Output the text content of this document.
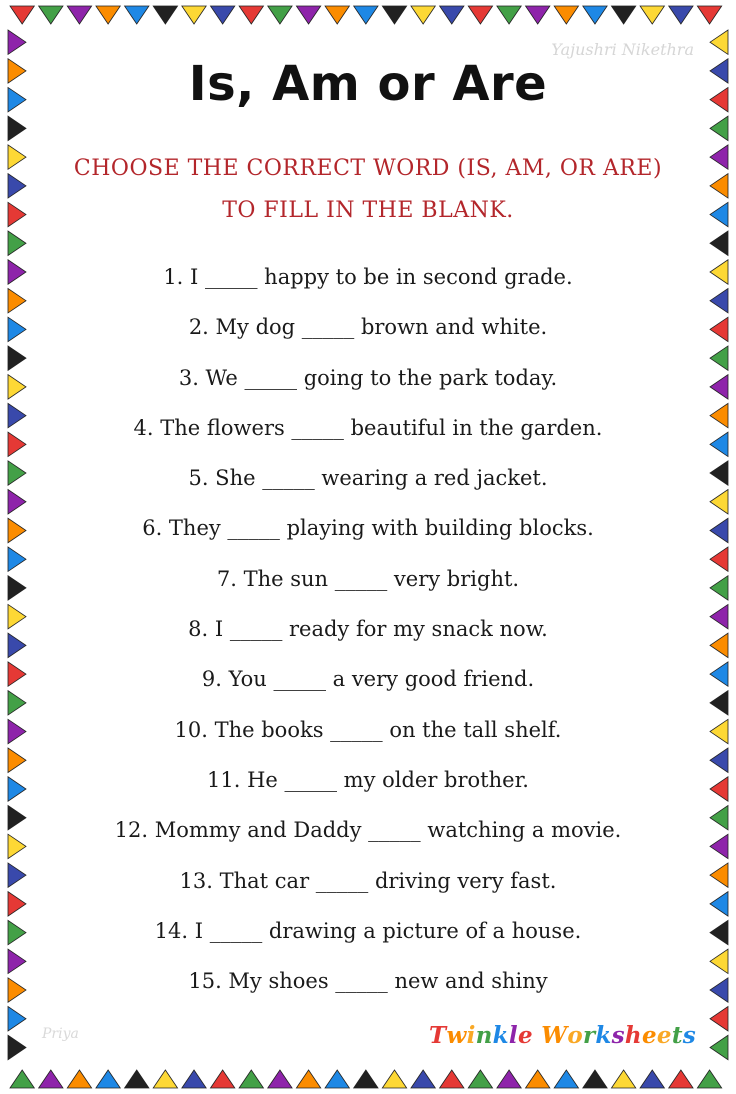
Is, Am or Are
CHOOSE THE CORRECT WORD (IS, AM, OR ARE) TO FILL IN THE BLANK.
1. I _____ happy to be in second grade.
2. My dog _____ brown and white.
3. We _____ going to the park today.
4. The flowers _____ beautiful in the garden.
5. She _____ wearing a red jacket.
6. They _____ playing with building blocks.
7. The sun _____ very bright.
8. I _____ ready for my snack now.
9. You _____ a very good friend.
10. The books _____ on the tall shelf.
11. He _____ my older brother.
12. Mommy and Daddy _____ watching a movie.
13. That car _____ driving very fast.
14. I _____ drawing a picture of a house.
15. My shoes _____ new and shiny
Yajushri Nikethra
Priya	Twinkle Worksheets
